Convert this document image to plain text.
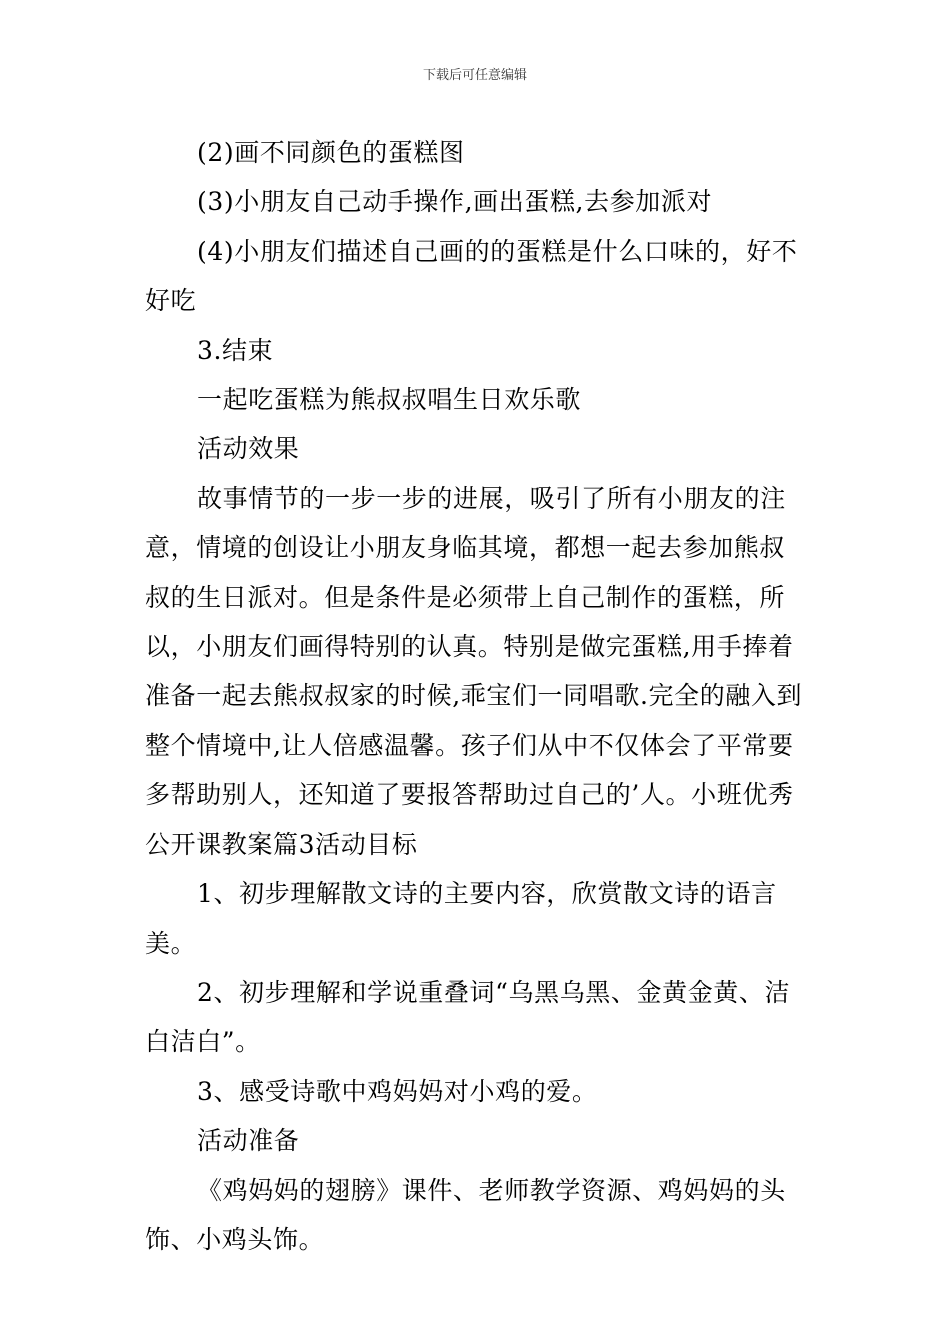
下载后可任意编辑

(2)画不同颜色的蛋糕图

(3)小朋友自己动手操作,画出蛋糕,去参加派对

(4)小朋友们描述自己画的的蛋糕是什么口味的，好不好吃

3.结束

一起吃蛋糕为熊叔叔唱生日欢乐歌

活动效果

故事情节的一步一步的进展，吸引了所有小朋友的注意，情境的创设让小朋友身临其境，都想一起去参加熊叔叔的生日派对。但是条件是必须带上自己制作的蛋糕，所以，小朋友们画得特别的认真。特别是做完蛋糕,用手捧着准备一起去熊叔叔家的时候,乖宝们一同唱歌.完全的融入到整个情境中,让人倍感温馨。孩子们从中不仅体会了平常要多帮助别人，还知道了要报答帮助过自己的’人。小班优秀公开课教案篇3活动目标

1、初步理解散文诗的主要内容，欣赏散文诗的语言美。

2、初步理解和学说重叠词“乌黑乌黑、金黄金黄、洁白洁白”。

3、感受诗歌中鸡妈妈对小鸡的爱。

活动准备

《鸡妈妈的翅膀》课件、老师教学资源、鸡妈妈的头饰、小鸡头饰。
